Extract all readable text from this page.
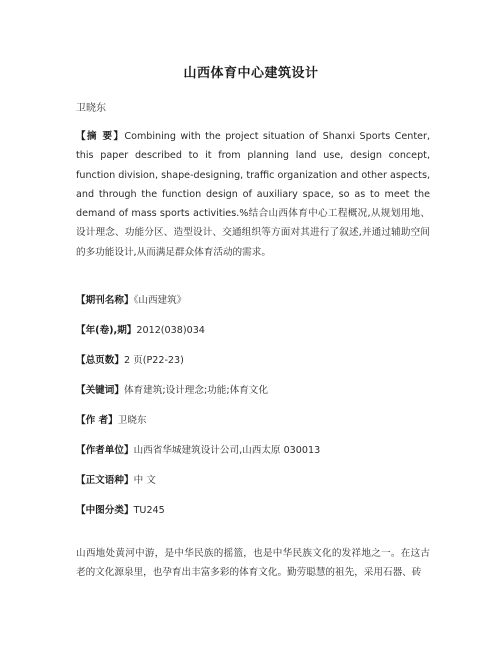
山西体育中心建筑设计
卫晓东
【摘 要】Combining with the project situation of Shanxi Sports Center, this paper described to it from planning land use, design concept, function division, shape-designing, traffic organization and other aspects, and through the function design of auxiliary space, so as to meet the demand of mass sports activities.%结合山西体育中心工程概况,从规划用地、设计理念、功能分区、造型设计、交通组织等方面对其进行了叙述,并通过辅助空间的多功能设计,从而满足群众体育活动的需求。
【期刊名称】《山西建筑》
【年(卷),期】2012(038)034
【总页数】2 页(P22-23)
【关键词】体育建筑;设计理念;功能;体育文化
【作 者】卫晓东
【作者单位】山西省华城建筑设计公司,山西太原 030013
【正文语种】中 文
【中图分类】TU245
山西地处黄河中游，是中华民族的摇篮，也是中华民族文化的发祥地之一。在这古老的文化源泉里，也孕育出丰富多彩的体育文化。勤劳聪慧的祖先，采用石器、砖
